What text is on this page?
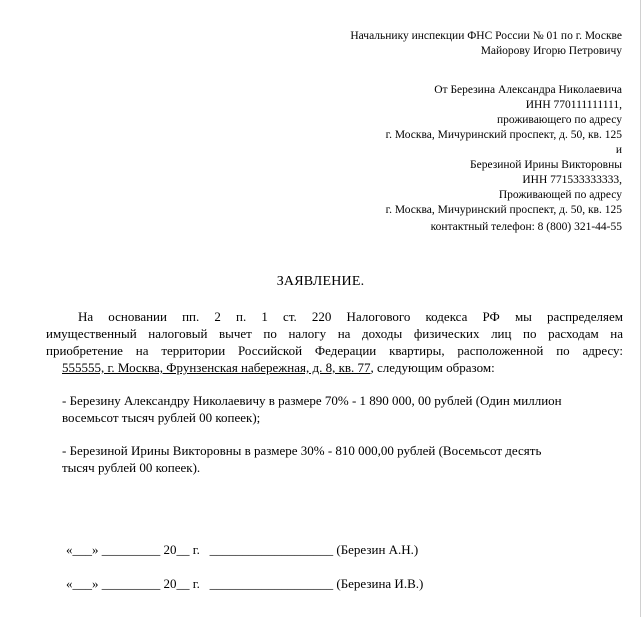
Начальнику инспекции ФНС России № 01 по г. Москве
Майорову Игорю Петровичу
От Березина Александра Николаевича
ИНН 770111111111,
проживающего по адресу
г. Москва, Мичуринский проспект, д. 50, кв. 125
и
Березиной Ирины Викторовны
ИНН 771533333333,
Проживающей по адресу
г. Москва, Мичуринский проспект, д. 50, кв. 125
контактный телефон: 8 (800) 321-44-55
ЗАЯВЛЕНИЕ.
На основании пп. 2 п. 1 ст. 220 Налогового кодекса РФ мы распределяем
имущественный налоговый вычет по налогу на доходы физических лиц по расходам на
приобретение на территории Российской Федерации квартиры, расположенной по адресу:
555555, г. Москва, Фрунзенская набережная, д. 8, кв. 77, следующим образом:
- Березину Александру Николаевичу в размере 70% - 1 890 000, 00 рублей (Один миллион
восемьсот тысяч рублей 00 копеек);
- Березиной Ирины Викторовны в размере 30% - 810 000,00 рублей (Восемьсот десять
тысяч рублей 00 копеек).
«___» _________ 20__ г.   ___________________ (Березин А.Н.)
«___» _________ 20__ г.   ___________________ (Березина И.В.)
